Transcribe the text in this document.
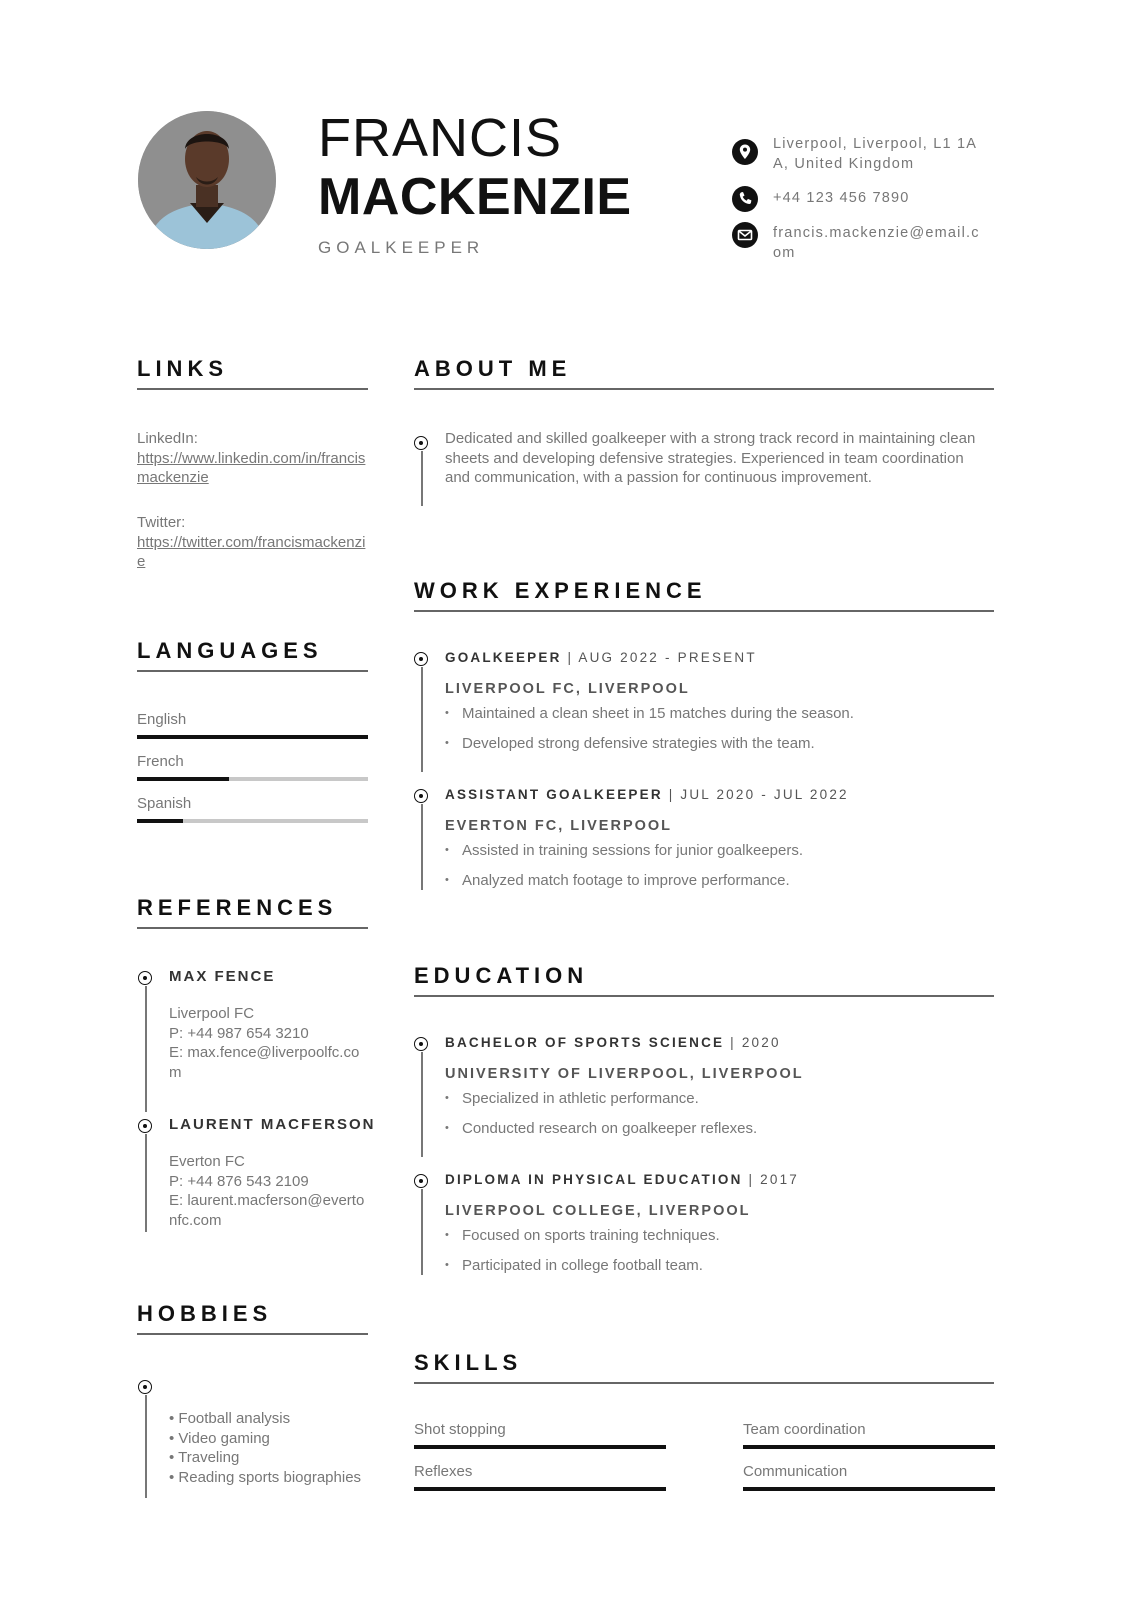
FRANCIS
MACKENZIE
GOALKEEPER
Liverpool, Liverpool, L1 1AA, United Kingdom
+44 123 456 7890
francis.mackenzie@email.com
LINKS
LinkedIn:
https://www.linkedin.com/in/francismackenzie
Twitter:
https://twitter.com/francismackenzie
LANGUAGES
English
French
Spanish
REFERENCES
MAX FENCE
Liverpool FC
P: +44 987 654 3210
E: max.fence@liverpoolfc.com
LAURENT MACFERSON
Everton FC
P: +44 876 543 2109
E: laurent.macferson@evertonfc.com
HOBBIES
• Football analysis
• Video gaming
• Traveling
• Reading sports biographies
ABOUT ME
Dedicated and skilled goalkeeper with a strong track record in maintaining clean sheets and developing defensive strategies. Experienced in team coordination and communication, with a passion for continuous improvement.
WORK EXPERIENCE
GOALKEEPER | AUG 2022 - PRESENT
LIVERPOOL FC, LIVERPOOL
• Maintained a clean sheet in 15 matches during the season.
• Developed strong defensive strategies with the team.
ASSISTANT GOALKEEPER | JUL 2020 - JUL 2022
EVERTON FC, LIVERPOOL
• Assisted in training sessions for junior goalkeepers.
• Analyzed match footage to improve performance.
EDUCATION
BACHELOR OF SPORTS SCIENCE | 2020
UNIVERSITY OF LIVERPOOL, LIVERPOOL
• Specialized in athletic performance.
• Conducted research on goalkeeper reflexes.
DIPLOMA IN PHYSICAL EDUCATION | 2017
LIVERPOOL COLLEGE, LIVERPOOL
• Focused on sports training techniques.
• Participated in college football team.
SKILLS
Shot stopping	Team coordination
Reflexes	Communication
